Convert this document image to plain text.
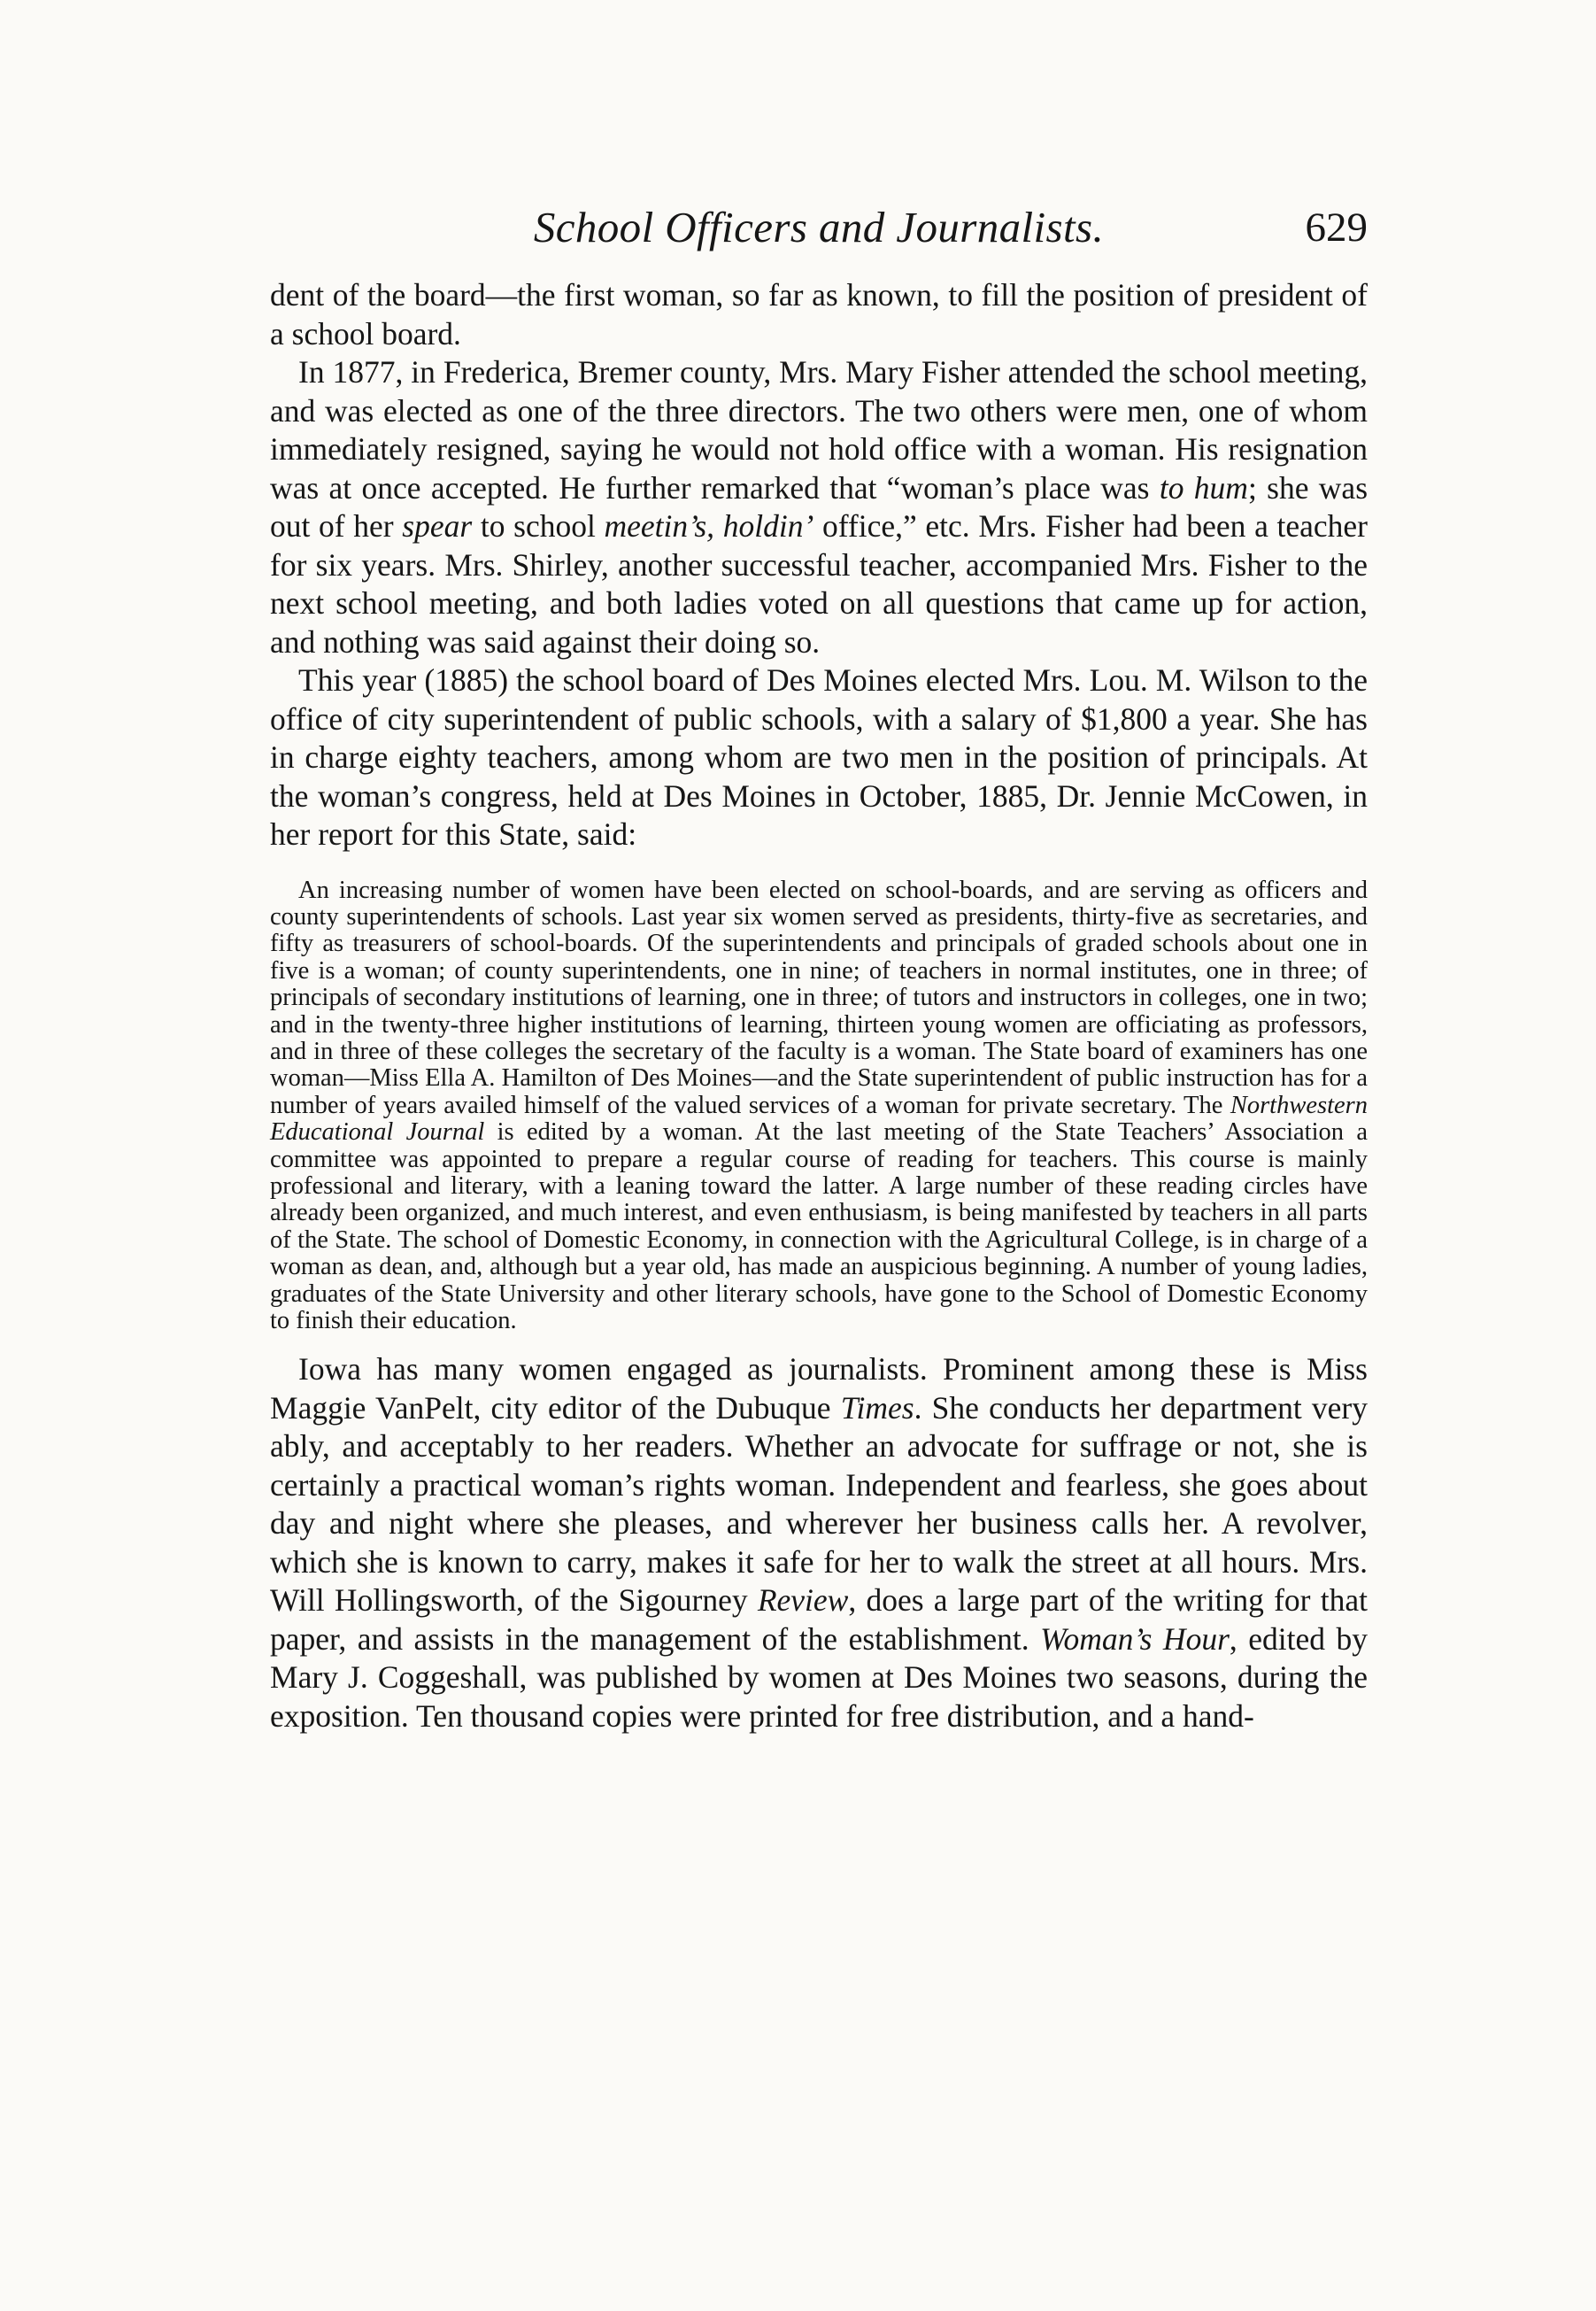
School Officers and Journalists.	629

dent of the board—the first woman, so far as known, to fill the position of president of a school board.

In 1877, in Frederica, Bremer county, Mrs. Mary Fisher attended the school meeting, and was elected as one of the three directors. The two others were men, one of whom immediately resigned, saying he would not hold office with a woman. His resignation was at once accepted. He further remarked that “woman’s place was to hum; she was out of her spear to school meetin’s, holdin’ office,” etc. Mrs. Fisher had been a teacher for six years. Mrs. Shirley, another successful teacher, accompanied Mrs. Fisher to the next school meeting, and both ladies voted on all questions that came up for action, and nothing was said against their doing so.

This year (1885) the school board of Des Moines elected Mrs. Lou. M. Wilson to the office of city superintendent of public schools, with a salary of $1,800 a year. She has in charge eighty teachers, among whom are two men in the position of principals. At the woman’s congress, held at Des Moines in October, 1885, Dr. Jennie McCowen, in her report for this State, said:

An increasing number of women have been elected on school-boards, and are serving as officers and county superintendents of schools. Last year six women served as presidents, thirty-five as secretaries, and fifty as treasurers of school-boards. Of the superintendents and principals of graded schools about one in five is a woman; of county superintendents, one in nine; of teachers in normal institutes, one in three; of principals of secondary institutions of learning, one in three; of tutors and instructors in colleges, one in two; and in the twenty-three higher institutions of learning, thirteen young women are officiating as professors, and in three of these colleges the secretary of the faculty is a woman. The State board of examiners has one woman—Miss Ella A. Hamilton of Des Moines—and the State superintendent of public instruction has for a number of years availed himself of the valued services of a woman for private secretary. The Northwestern Educational Journal is edited by a woman. At the last meeting of the State Teachers’ Association a committee was appointed to prepare a regular course of reading for teachers. This course is mainly professional and literary, with a leaning toward the latter. A large number of these reading circles have already been organized, and much interest, and even enthusiasm, is being manifested by teachers in all parts of the State. The school of Domestic Economy, in connection with the Agricultural College, is in charge of a woman as dean, and, although but a year old, has made an auspicious beginning. A number of young ladies, graduates of the State University and other literary schools, have gone to the School of Domestic Economy to finish their education.

Iowa has many women engaged as journalists. Prominent among these is Miss Maggie VanPelt, city editor of the Dubuque Times. She conducts her department very ably, and acceptably to her readers. Whether an advocate for suffrage or not, she is certainly a practical woman’s rights woman. Independent and fearless, she goes about day and night where she pleases, and wherever her business calls her. A revolver, which she is known to carry, makes it safe for her to walk the street at all hours. Mrs. Will Hollingsworth, of the Sigourney Review, does a large part of the writing for that paper, and assists in the management of the establishment. Woman’s Hour, edited by Mary J. Coggeshall, was published by women at Des Moines two seasons, during the exposition. Ten thousand copies were printed for free distribution, and a hand-
